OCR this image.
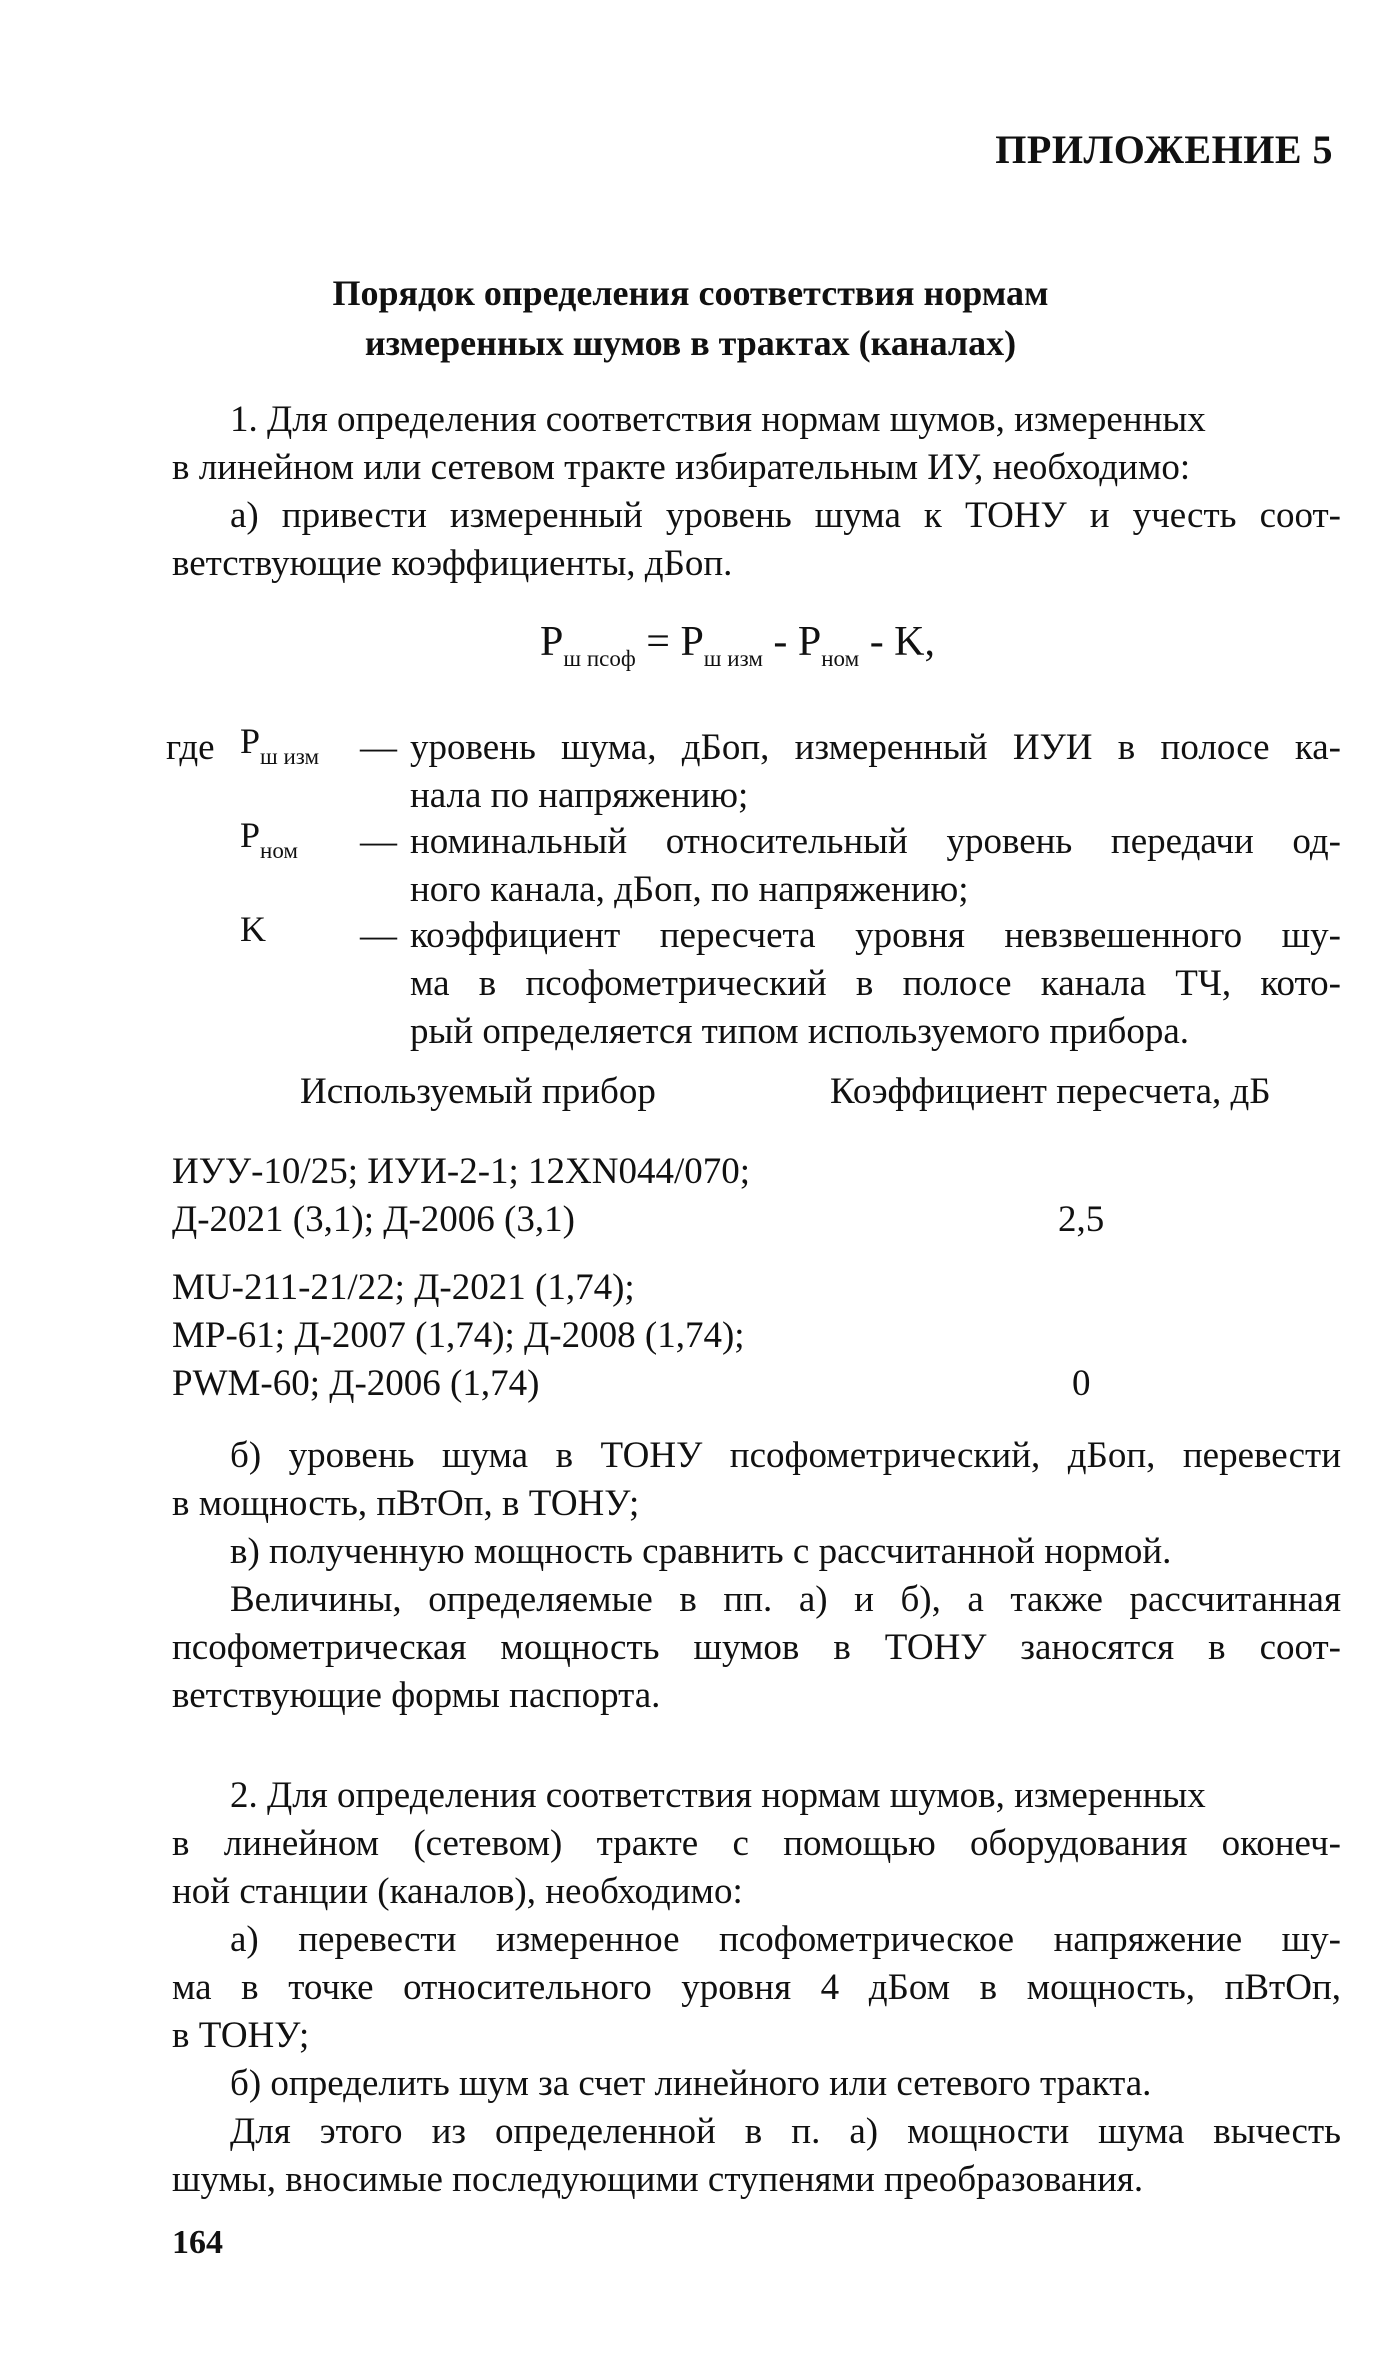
ПРИЛОЖЕНИЕ 5
Порядок определения соответствия нормам
измеренных шумов в трактах (каналах)
1. Для определения соответствия нормам шумов, измеренных
в линейном или сетевом тракте избирательным ИУ, необходимо:
а) привести измеренный уровень шума к ТОНУ и учесть соот-
ветствующие коэффициенты, дБоп.
$P_{ш псоф} = P_{ш изм} - P_{ном} - K$,
где $P_{ш изм}$ — уровень шума, дБоп, измеренный ИУИ в полосе ка-
нала по напряжению;
$P_{ном}$ — номинальный относительный уровень передачи од-
ного канала, дБоп, по напряжению;
K	— коэффициент пересчета уровня невзвешенного шу-
ма в псофометрический в полосе канала ТЧ, кото-
рый определяется типом используемого прибора.
Используемый прибор	Коэффициент пересчета, дБ
ИУУ-10/25; ИУИ-2-1; 12XN044/070;
Д-2021 (3,1); Д-2006 (3,1)	2,5
MU-211-21/22; Д-2021 (1,74);
MP-61; Д-2007 (1,74); Д-2008 (1,74);
PWM-60; Д-2006 (1,74)	0
б) уровень шума в ТОНУ псофометрический, дБоп, перевести
в мощность, пВтОп, в ТОНУ;
в) полученную мощность сравнить с рассчитанной нормой.
Величины, определяемые в пп. а) и б), а также рассчитанная
псофометрическая мощность шумов в ТОНУ заносятся в соот-
ветствующие формы паспорта.
2. Для определения соответствия нормам шумов, измеренных
в линейном (сетевом) тракте с помощью оборудования оконеч-
ной станции (каналов), необходимо:
а) перевести измеренное псофометрическое напряжение шу-
ма в точке относительного уровня 4 дБом в мощность, пВтОп,
в ТОНУ;
б) определить шум за счет линейного или сетевого тракта.
Для этого из определенной в п. а) мощности шума вычесть
шумы, вносимые последующими ступенями преобразования.
164
